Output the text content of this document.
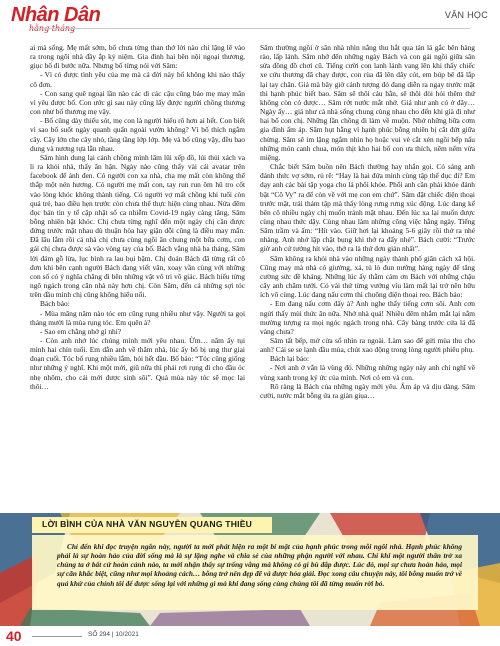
Nhân Dân	VĂN HỌC

ai mà sống. Mẹ mất sớm, bố chưa từng than thở lời nào chỉ lặng lẽ vào ra trong ngôi nhà đầy ắp kỷ niệm. Gia đình hai bên nội ngoại thương, giục bố đi bước nữa. Nhưng bố từng nói với Sâm:

- Vì có được tình yêu của mẹ mà cả đời này bố không khi nào thấy cô đơn.

- Con sang quê ngoại lần nào các dì các cậu cũng bảo mẹ may mắn vì yêu được bố. Con ước gì sau này cũng lấy được người chồng thương con như bố thương mẹ vậy.

- Bố cũng dày thiếu sót, mẹ con là người hiểu rõ hơn ai hết. Con biết vì sao bố suốt ngày quanh quẩn ngoài vườn không? Vì bố thích ngắm cây. Cây lớn che cây nhỏ, tầng tầng lớp lớp. Mẹ và bố cũng vậy, đều bao dung và nương tựa lẫn nhau.

Sâm hình dung lại cảnh chồng mình lâm lũi xếp đồ, lúi thủi xách va li ra khỏi nhà, thấy ân hận. Ngày nào cũng thấy vài cái avatar trên facebook để ảnh đen. Có người con xa nhà, cha mẹ mất còn không thể thắp một nén hương. Có người mẹ mất con, tay run run ôm hũ tro cốt vào lòng khóc không thành tiếng. Có người vợ mất chồng khi tuổi còn quá trẻ, bao điều hẹn trước còn chưa thể thực hiện cùng nhau. Nửa đêm đọc bản tin y tế cập nhật số ca nhiễm Covid-19 ngày càng tăng, Sâm bỗng nhiên bật khóc. Chị chưa từng nghĩ đến một ngày chị cần được đứng trước mặt nhau dù thuận hòa hay giận dỗi cũng là điều may mắn. Đã lâu lắm rồi cả nhà chị chưa cùng ngồi ăn chung một bữa cơm, con gái chị chưa được sà vào vòng tay của bố. Bách vắng nhà ba tháng, Sâm lời đám gỗ lừa, lục bình ra lau bụi bặm. Chị đoán Bách đã từng rất cô đơn khi bên cạnh người Bách đang viết văn, xoay vần cùng với những con số có ý nghĩa chăng đi bên những vật vô tri vô giác. Bách hiếu từng ngõ ngách trong căn nhà này hơn chị. Còn Sâm, đến cả những sợi tóc trên đầu mình chị cũng không hiểu nổi.

Bách bảo:

- Mùa măng năm nào tóc em cũng rụng nhiều như vậy. Người ta gọi tháng mười là mùa rụng tóc. Em quên à?

- Sao em chẳng nhớ gì nhỉ?

- Còn anh nhớ lúc chúng mình mới yêu nhau. Ừm… năm ấy tụi mình hai chín tuổi. Em dẫn anh về thăm nhà, lúc ấy bố bị ung thư giai đoạn cuối. Tóc bố rụng nhiều lắm, hói hết đầu. Bố bảo: “Tóc cũng giống như những ý nghĩ. Khi một mới, giũ nữa thì phải rơi rụng đi cho đầu óc nhẹ nhõm, cho cái mới được sinh sôi”. Quả mùa này tóc sẽ mọc lại thôi…

Sâm thường ngồi ở sân nhà nhìn nắng thu hắt qua tán lá gắc bên hàng rào, lấp lánh. Sâm nhớ đến những ngày Bách và con gái ngồi giữa sân sửa đồng đồ chơi cũ. Tiếng cười con lanh lảnh vang lên khi thấy chiếc xe cứu thương đã chạy được, con rùa đã lên dây cót, em búp bê đã lắp lại tay chân. Giá mà bây giờ cảnh tượng đó đang diễn ra ngay trước mặt thì hạnh phúc biết bao. Sâm sẽ thôi cáu bẳn, sẽ thôi đòi hỏi thêm thứ không còn có được… Sâm rớt nước mắt nhớ. Giá như anh có ở đây… Ngày ấy… giá như cả nhà sống chung cùng nhau cho đến khi già đi như hai bố con chị. Những lần chồng đi làm về muộn. Nhớ những bữa cơm gia đình ấm áp. Sâm hụt hẫng vì hạnh phúc bỗng nhiên bị cắt đứt giữa chừng. Sâm sẽ im lặng ngắm nhìn họ hoặc vui vẻ cắt xén ngồi bếp nấu những món canh chua, món thịt kho hai bố con ưa thích, nêm nếm vừa miệng.

Chắc biết Sâm buồn nên Bách thường hay nhắn gọi. Có sáng anh đánh thức vợ sớm, rủ rê: “Hay là hai đứa mình cùng tập thể dục đi? Em dạy anh các bài tập yoga cho lá phổi khỏe. Phổi anh cần phải khỏe đánh bật “Cô Vy” ra để còn về với mẹ con em chứ”. Sâm đặt chiếc điện thoại trước mặt, trải thảm tập mà thấy lòng rưng rưng xúc động. Lúc đang kể bên cô nhiều ngày chị muốn tránh mặt nhau. Đến lúc xa lại muốn được cùng nhau thức dậy. Cùng nhau làm những công việc hằng ngày. Tiếng Sâm trầm và ấm: “Hít vào. Giữ hơi lại khoảng 5-6 giây rồi thở ra nhé nhàng. Anh nhớ lặp chặt bụng khi thở ra đấy nhé”. Bách cười: “Trước giờ anh cứ tưởng hít vào, thở ra là thứ đơn giản nhất”.

Sâm không ra khỏi nhà vào những ngày thành phố giãn cách xã hội. Cũng may mà nhà có giường, xả, tủ lò đun nướng hàng ngày để tăng cường sức đề kháng. Những lúc ấy thằm cảm ơn Bách với những chậu cây anh chăm tưới. Có vài thứ từng vướng víu làm mất lại trở nên hữu ích vô cùng. Lúc đang nấu cơm thì chuông điện thoại reo. Bách bảo:

- Em đang nấu cơm đấy à? Anh nghe thấy tiếng cơm sôi. Anh cơn ngửi thấy mùi thức ăn nữa. Nhớ nhà quá! Nhiều đêm nhắm mắt lại nằm mường tượng ra mọi ngóc ngách trong nhà. Cây bàng trước cửa lá đã vàng chưa?

Sâm tất bếp, mở cửa sổ nhìn ra ngoài. Làm sao để gửi mùa thu cho anh? Cái se se lạnh đầu mùa, chút xao động trong lòng người phiêu phụ.

Bách lại bảo:

- Nơi anh ở vẫn là vùng đỏ. Những những ngày này anh chỉ nghĩ về vùng xanh trong ký ức của mình. Nơi có em và con.

Rõ ràng là Bách của những ngày mới yêu. Ấm áp và dịu dàng. Sâm cười, nước mắt bỗng ứa ra giàn giụa…

LỜI BÌNH CỦA NHÀ VĂN NGUYỄN QUANG THIỀU
Chỉ đến khi đọc truyện ngắn này, người ta mới phát hiện ra một bí mật của hạnh phúc trong mỗi ngôi nhà. Hạnh phúc không phải là sự hoàn hảo của đời sống mà là sự lặng nghe và chia sẻ của những phận người với nhau. Chỉ khi một người thân trở xa chúng ta ở bất cứ hoàn cảnh nào, ta mới nhận thấy sự trống vắng mà không có gì bù đắp được. Lúc đó, mọi sự chưa hoàn hảo, mọi sự cãn khắc biệt, cũng như mọi khoảng cách… bỗng trở nên đẹp đẽ và được hóa giải. Đọc xong câu chuyện này, tôi bỗng muốn trở về quá khứ của chính tôi để được sống lại với những gì mà khi đang sống cùng chúng tôi đã từng muốn rời bỏ.
40	SỐ 294 | 10/2021
